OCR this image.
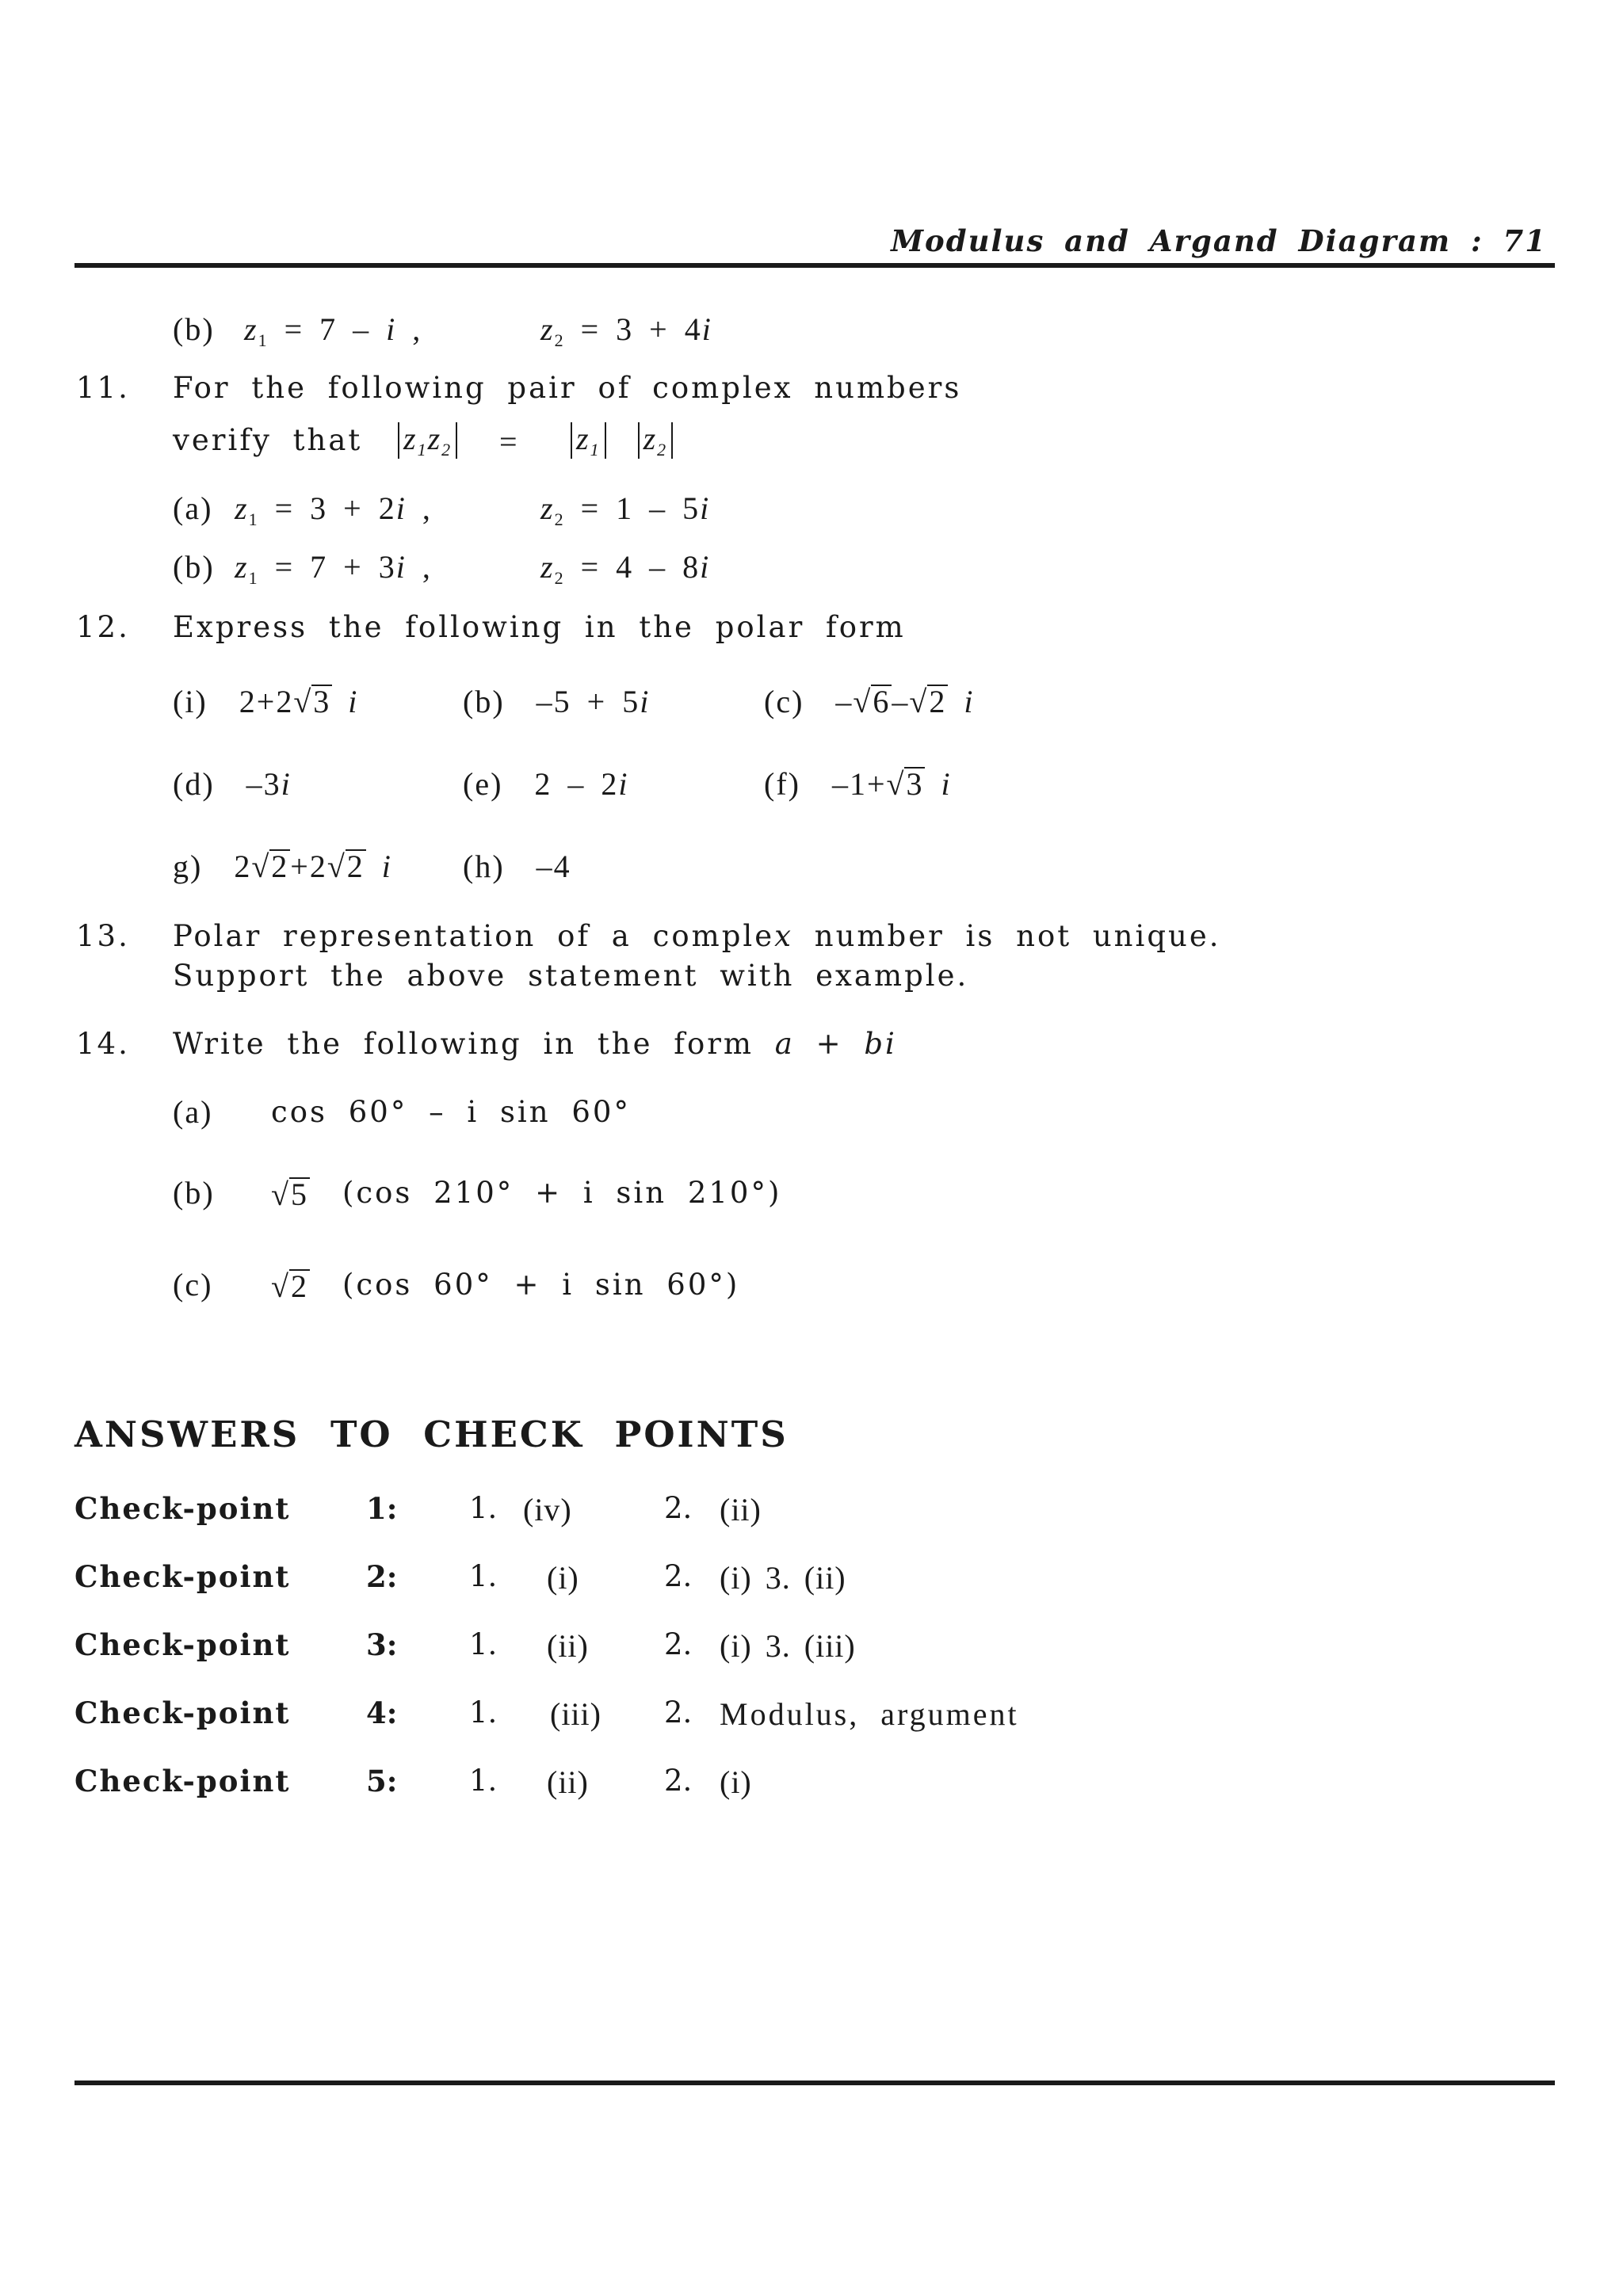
Modulus and Argand Diagram : 71
(b) $z_1 = 7 - i$ ,	$z_2 = 3 + 4i$
11. For the following pair of complex numbers
verify that $z_1z_2 = z_1$ $z_2$
(a) $z_1 = 3 + 2i$ ,	$z_2 = 1 - 5i$
(b) $z_1 = 7 + 3i$ ,	$z_2 = 4 - 8i$
12. Express the following in the polar form
(i) 2+2√3 i	(b) –5 + 5i	(c) –√6–√2 i
(d) –3i	(e) 2 – 2i	(f) –1+√3 i
g) 2√2+2√2 i (h) –4
13. Polar representation of a complex number is not unique.
Support the above statement with example.
14. Write the following in the form a + bi
(a) cos 60° – i sin 60°
(b) √5 (cos 210° + i sin 210°)
(c) √2 (cos 60° + i sin 60°)
ANSWERS TO CHECK POINTS
Check-point	1: 1. (iv)	2. (ii)
Check-point	2: 1. (i)	2. (i) 3. (ii)
Check-point	3: 1. (ii)	2. (i) 3. (iii)
Check-point	4: 1. (iii) 2. Modulus, argument
Check-point	5: 1. (ii)	2. (i)
